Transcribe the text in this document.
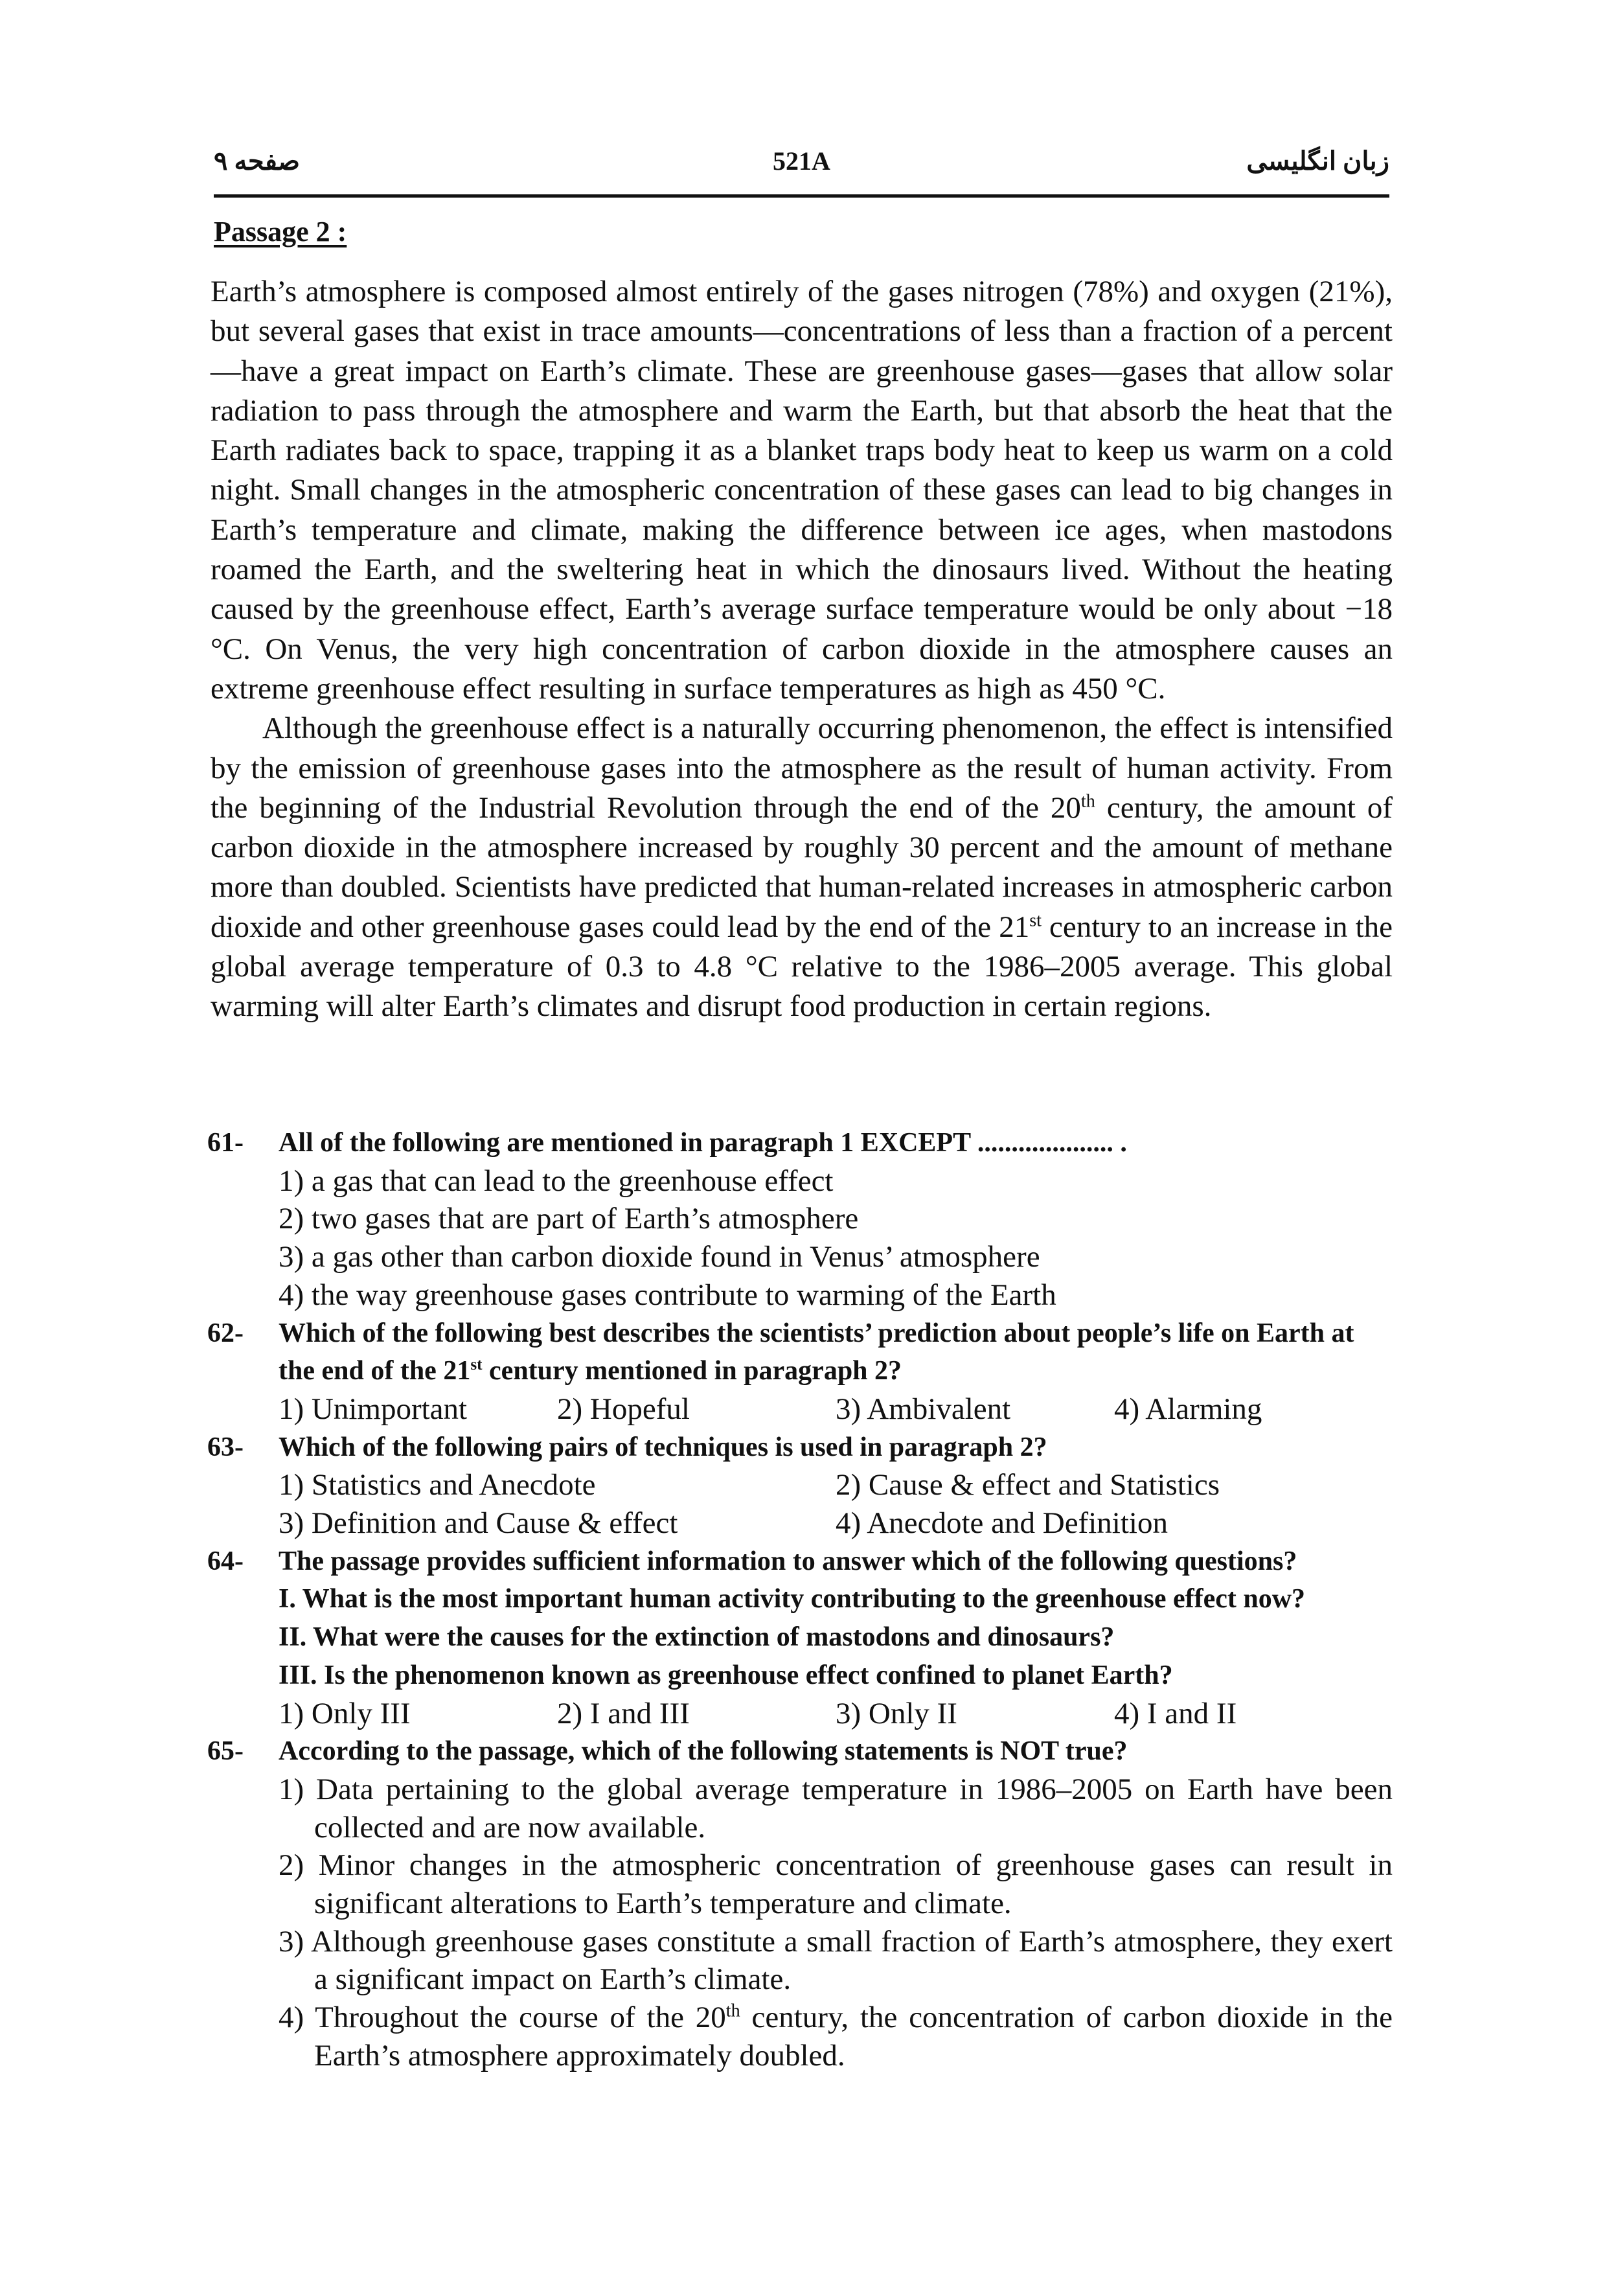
صفحه ۹	521A	زبان انگلیسی
Passage 2 :

Earth’s atmosphere is composed almost entirely of the gases nitrogen (78%) and oxygen (21%), but several gases that exist in trace amounts—concentrations of less than a fraction of a percent—have a great impact on Earth’s climate. These are greenhouse gases—gases that allow solar radiation to pass through the atmosphere and warm the Earth, but that absorb the heat that the Earth radiates back to space, trapping it as a blanket traps body heat to keep us warm on a cold night. Small changes in the atmospheric concentration of these gases can lead to big changes in Earth’s temperature and climate, making the difference between ice ages, when mastodons roamed the Earth, and the sweltering heat in which the dinosaurs lived. Without the heating caused by the greenhouse effect, Earth’s average surface temperature would be only about −18 °C. On Venus, the very high concentration of carbon dioxide in the atmosphere causes an extreme greenhouse effect resulting in surface temperatures as high as 450 °C.

Although the greenhouse effect is a naturally occurring phenomenon, the effect is intensified by the emission of greenhouse gases into the atmosphere as the result of human activity. From the beginning of the Industrial Revolution through the end of the 20th century, the amount of carbon dioxide in the atmosphere increased by roughly 30 percent and the amount of methane more than doubled. Scientists have predicted that human-related increases in atmospheric carbon dioxide and other greenhouse gases could lead by the end of the 21st century to an increase in the global average temperature of 0.3 to 4.8 °C relative to the 1986–2005 average. This global warming will alter Earth’s climates and disrupt food production in certain regions.

61-	All of the following are mentioned in paragraph 1 EXCEPT .................... .
1) a gas that can lead to the greenhouse effect
2) two gases that are part of Earth’s atmosphere
3) a gas other than carbon dioxide found in Venus’ atmosphere
4) the way greenhouse gases contribute to warming of the Earth
62-	Which of the following best describes the scientists’ prediction about people’s life on Earth at the end of the 21st century mentioned in paragraph 2?
1) Unimportant	2) Hopeful	3) Ambivalent	4) Alarming
63-	Which of the following pairs of techniques is used in paragraph 2?
1) Statistics and Anecdote	2) Cause & effect and Statistics
3) Definition and Cause & effect	4) Anecdote and Definition
64-	The passage provides sufficient information to answer which of the following questions?
I. What is the most important human activity contributing to the greenhouse effect now?
II. What were the causes for the extinction of mastodons and dinosaurs?
III. Is the phenomenon known as greenhouse effect confined to planet Earth?
1) Only III	2) I and III	3) Only II	4) I and II
65-	According to the passage, which of the following statements is NOT true?
1) Data pertaining to the global average temperature in 1986–2005 on Earth have been collected and are now available.
2) Minor changes in the atmospheric concentration of greenhouse gases can result in significant alterations to Earth’s temperature and climate.
3) Although greenhouse gases constitute a small fraction of Earth’s atmosphere, they exert a significant impact on Earth’s climate.
4) Throughout the course of the 20th century, the concentration of carbon dioxide in the Earth’s atmosphere approximately doubled.
